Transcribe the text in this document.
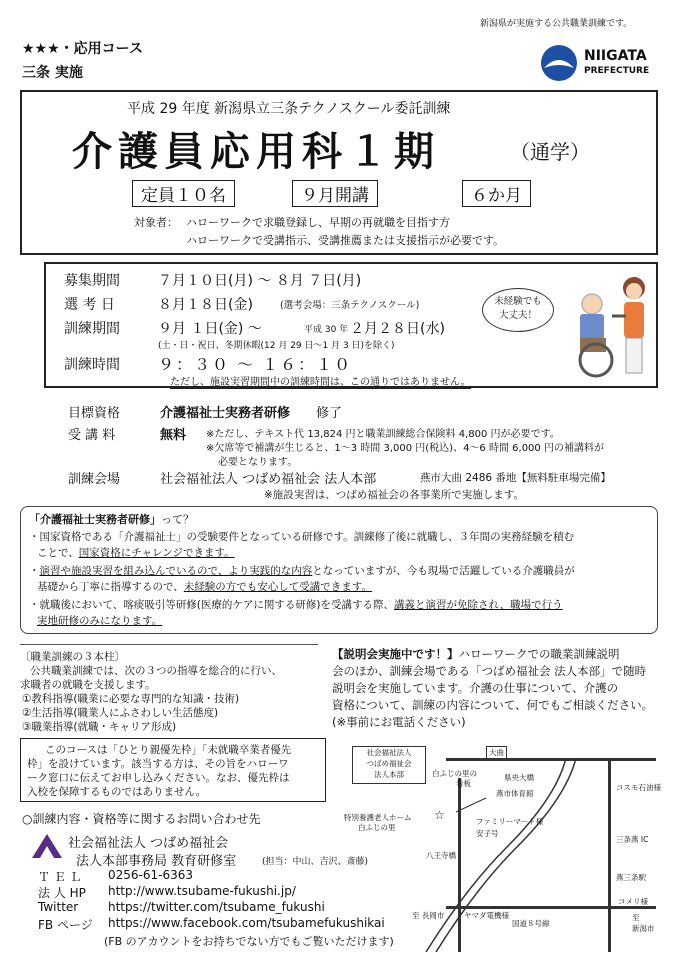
★★★・応用コース
三条 実施
新潟県が実施する公共職業訓練です。
NIIGATA
PREFECTURE
平成 29 年度 新潟県立三条テクノスクール委託訓練
介護員応用科１期	（通学）
定員１０名	９月開講	６か月
対象者： ハローワークで求職登録し、早期の再就職を目指す方
ハローワークで受講指示、受講推薦または支援指示が必要です。
募集期間	７月１０日(月) ～ ８月 ７日(月)
選 考 日	８月１８日(金)	(選考会場：三条テクノスクール)
訓練期間	９月 １日(金) ～	平成 30 年 ２月２８日(水)
(土・日・祝日、冬期休暇(12 月 29 日～1 月 3 日)を除く)
訓練時間 ９：３０ ～ １６：１０
ただし、施設実習期間中の訓練時間は、この通りではありません。
未経験でも
大丈夫！
目標資格	介護福祉士実務者研修 修了
受 講 料	無料 ※ただし、テキスト代 13,824 円と職業訓練総合保険料 4,800 円が必要です。
※欠席等で補講が生じると、1～3 時間 3,000 円(税込)、4～6 時間 6,000 円の補講料が
必要となります。
訓練会場	社会福祉法人 つばめ福祉会 法人本部	燕市大曲 2486 番地【無料駐車場完備】
※施設実習は、つばめ福祉会の各事業所で実施します。
「介護福祉士実務者研修」って？
・国家資格である「介護福祉士」の受験要件となっている研修です。訓練修了後に就職し、３年間の実務経験を積む
ことで、国家資格にチャレンジできます。
・演習や施設実習を組み込んでいるので、より実践的な内容となっていますが、今も現場で活躍している介護職員が
基礎から丁寧に指導するので、未経験の方でも安心して受講できます。
・就職後において、喀痰吸引等研修(医療的ケアに関する研修)を受講する際、講義と演習が免除され、職場で行う
実地研修のみになります。
〔職業訓練の３本柱〕
公共職業訓練では、次の３つの指導を総合的に行い、
求職者の就職を支援します。
①教科指導(職業に必要な専門的な知識・技術)
②生活指導(職業人にふさわしい生活態度)
③職業指導(就職・キャリア形成)
【説明会実施中です！】ハローワークでの職業訓練説明
会のほか、訓練会場である「つばめ福祉会 法人本部」で随時
説明会を実施しています。介護の仕事について、介護の
資格について、訓練の内容について、何でもご相談ください。
(※事前にお電話ください)
このコースは「ひとり親優先枠」「未就職卒業者優先
枠」を設けています。該当する方は、その旨をハローワ
ーク窓口に伝えてお申し込みください。なお、優先枠は
入校を保障するものではありません。
○訓練内容・資格等に関するお問い合わせ先
社会福祉法人 つばめ福祉会
法人本部事務局 教育研修室	(担当：中山、吉沢、斎藤)
Ｔ Ｅ Ｌ 0256-61-6363
法 人 HP http://www.tsubame-fukushi.jp/
Twitter https://twitter.com/tsubame_fukushi
FB ページ https://www.facebook.com/tsubamefukushikai
(FB のアカウントをお持ちでない方でもご覧いただけます)
社会福祉法人
つばめ福祉会
法人本部
大曲
白ふじの里の
看板
県央大橋
燕市体育館
特別養護老人ホーム
白ふじの里
☆	ファミリーマート様
安子号
八王寺橋
コスモ石油様
三条燕 IC
コメリ様
燕三条駅
至 長岡市	ヤマダ電機様
国道８号線
至
新潟市
